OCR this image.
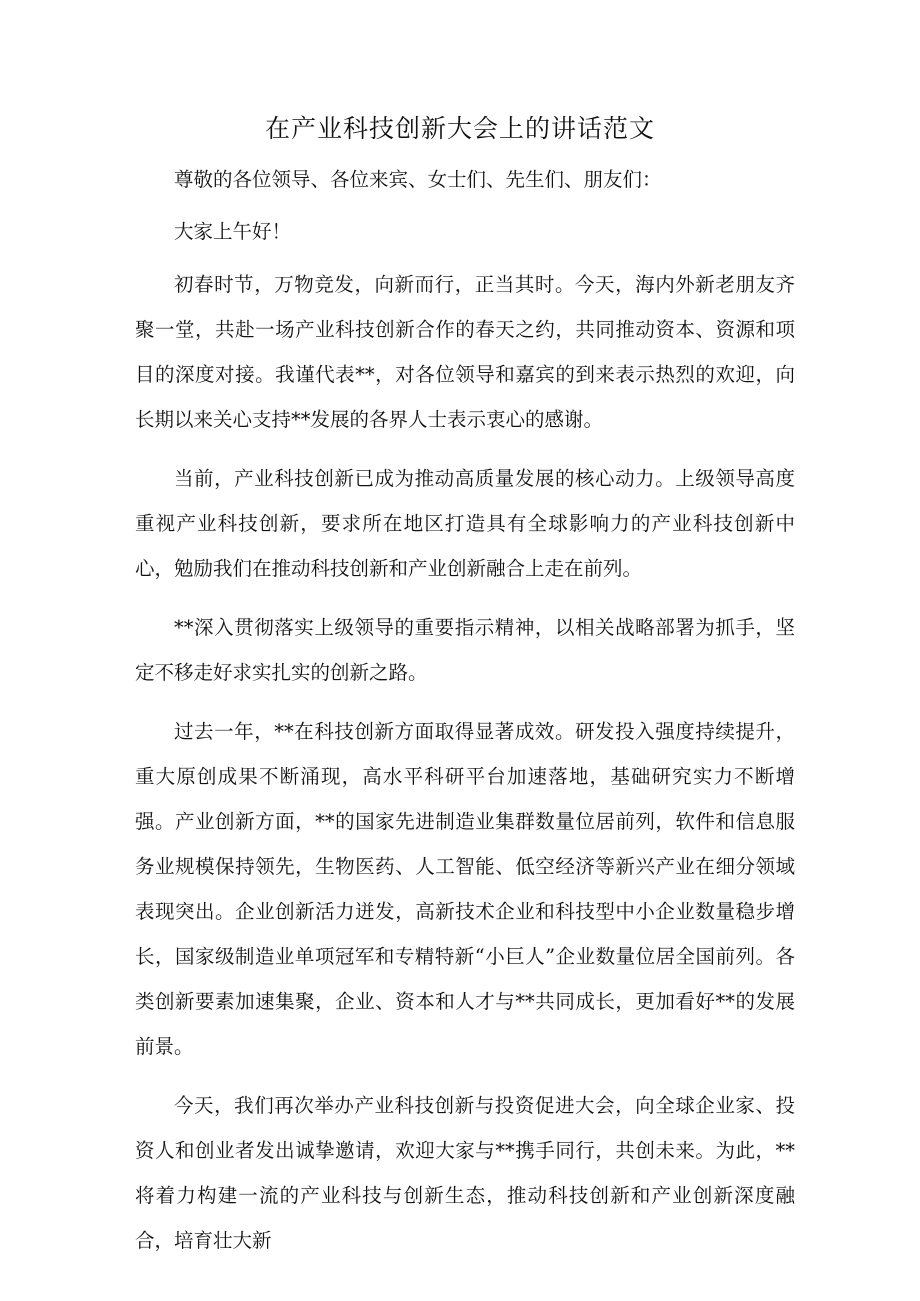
在产业科技创新大会上的讲话范文

尊敬的各位领导、各位来宾、女士们、先生们、朋友们：

大家上午好！

初春时节，万物竞发，向新而行，正当其时。今天，海内外新老朋友齐聚一堂，共赴一场产业科技创新合作的春天之约，共同推动资本、资源和项目的深度对接。我谨代表**，对各位领导和嘉宾的到来表示热烈的欢迎，向长期以来关心支持**发展的各界人士表示衷心的感谢。

当前，产业科技创新已成为推动高质量发展的核心动力。上级领导高度重视产业科技创新，要求所在地区打造具有全球影响力的产业科技创新中心，勉励我们在推动科技创新和产业创新融合上走在前列。

**深入贯彻落实上级领导的重要指示精神，以相关战略部署为抓手，坚定不移走好求实扎实的创新之路。

过去一年，**在科技创新方面取得显著成效。研发投入强度持续提升，重大原创成果不断涌现，高水平科研平台加速落地，基础研究实力不断增强。产业创新方面，**的国家先进制造业集群数量位居前列，软件和信息服务业规模保持领先，生物医药、人工智能、低空经济等新兴产业在细分领域表现突出。企业创新活力迸发，高新技术企业和科技型中小企业数量稳步增长，国家级制造业单项冠军和专精特新“小巨人”企业数量位居全国前列。各类创新要素加速集聚，企业、资本和人才与**共同成长，更加看好**的发展前景。

今天，我们再次举办产业科技创新与投资促进大会，向全球企业家、投资人和创业者发出诚挚邀请，欢迎大家与**携手同行，共创未来。为此，**将着力构建一流的产业科技与创新生态，推动科技创新和产业创新深度融合，培育壮大新
